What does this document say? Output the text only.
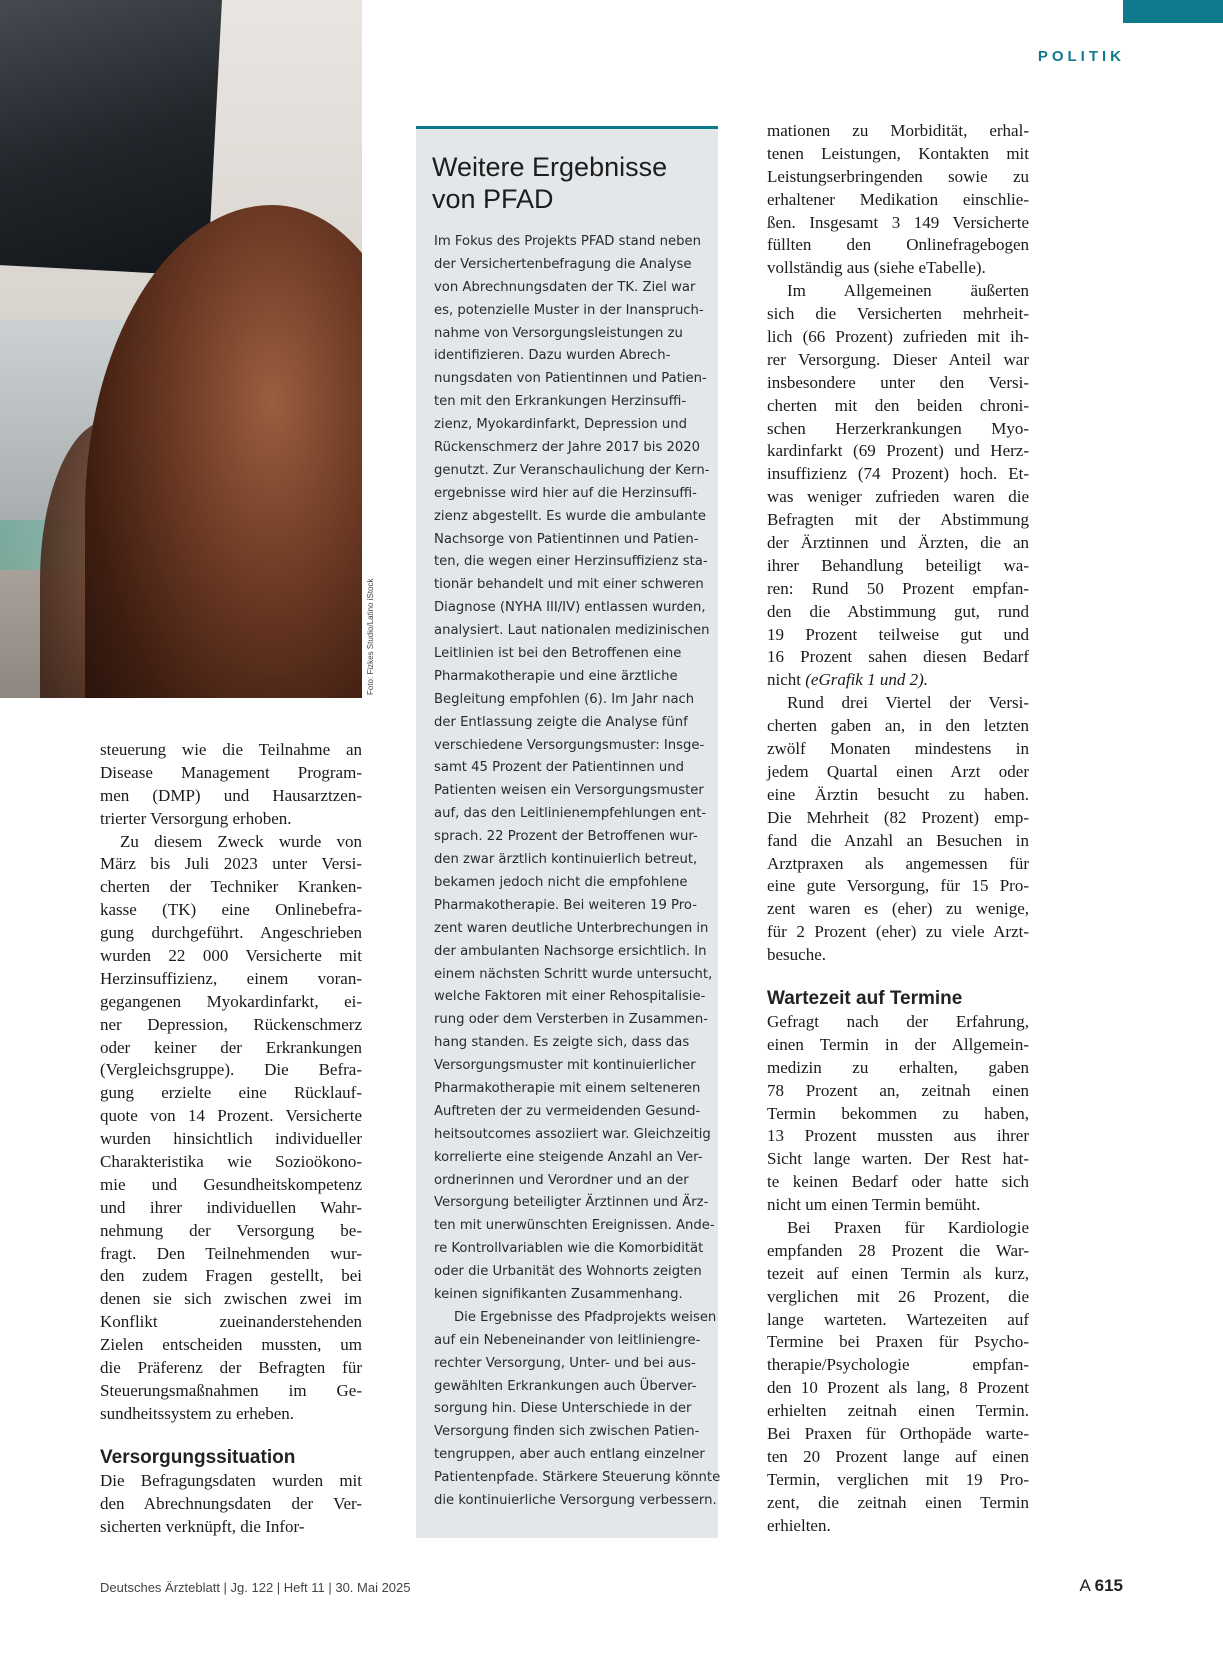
POLITIK
Foto: Fizkes Studio/Latino iStock
steuerung wie die Teilnahme an
Disease Management Program-
men (DMP) und Hausarztzen-
trierter Versorgung erhoben.
Zu diesem Zweck wurde von
März bis Juli 2023 unter Versi-
cherten der Techniker Kranken-
kasse (TK) eine Onlinebefra-
gung durchgeführt. Angeschrieben
wurden 22 000 Versicherte mit
Herzinsuffizienz, einem voran-
gegangenen Myokardinfarkt, ei-
ner Depression, Rückenschmerz
oder keiner der Erkrankungen
(Vergleichsgruppe). Die Befra-
gung erzielte eine Rücklauf-
quote von 14 Prozent. Versicherte
wurden hinsichtlich individueller
Charakteristika wie Sozioökono-
mie und Gesundheitskompetenz
und ihrer individuellen Wahr-
nehmung der Versorgung be-
fragt. Den Teilnehmenden wur-
den zudem Fragen gestellt, bei
denen sie sich zwischen zwei im
Konflikt zueinanderstehenden
Zielen entscheiden mussten, um
die Präferenz der Befragten für
Steuerungsmaßnahmen im Ge-
sundheitssystem zu erheben.
Versorgungssituation
Die Befragungsdaten wurden mit
den Abrechnungsdaten der Ver-
sicherten verknüpft, die Infor-
Weitere Ergebnisse
von PFAD
Im Fokus des Projekts PFAD stand neben
der Versichertenbefragung die Analyse
von Abrechnungsdaten der TK. Ziel war
es, potenzielle Muster in der Inanspruch-
nahme von Versorgungsleistungen zu
identifizieren. Dazu wurden Abrech-
nungsdaten von Patientinnen und Patien-
ten mit den Erkrankungen Herzinsuffi-
zienz, Myokardinfarkt, Depression und
Rückenschmerz der Jahre 2017 bis 2020
genutzt. Zur Veranschaulichung der Kern-
ergebnisse wird hier auf die Herzinsuffi-
zienz abgestellt. Es wurde die ambulante
Nachsorge von Patientinnen und Patien-
ten, die wegen einer Herzinsuffizienz sta-
tionär behandelt und mit einer schweren
Diagnose (NYHA III/IV) entlassen wurden,
analysiert. Laut nationalen medizinischen
Leitlinien ist bei den Betroffenen eine
Pharmakotherapie und eine ärztliche
Begleitung empfohlen (6). Im Jahr nach
der Entlassung zeigte die Analyse fünf
verschiedene Versorgungsmuster: Insge-
samt 45 Prozent der Patientinnen und
Patienten weisen ein Versorgungsmuster
auf, das den Leitlinienempfehlungen ent-
sprach. 22 Prozent der Betroffenen wur-
den zwar ärztlich kontinuierlich betreut,
bekamen jedoch nicht die empfohlene
Pharmakotherapie. Bei weiteren 19 Pro-
zent waren deutliche Unterbrechungen in
der ambulanten Nachsorge ersichtlich. In
einem nächsten Schritt wurde untersucht,
welche Faktoren mit einer Rehospitalisie-
rung oder dem Versterben in Zusammen-
hang standen. Es zeigte sich, dass das
Versorgungsmuster mit kontinuierlicher
Pharmakotherapie mit einem selteneren
Auftreten der zu vermeidenden Gesund-
heitsoutcomes assoziiert war. Gleichzeitig
korrelierte eine steigende Anzahl an Ver-
ordnerinnen und Verordner und an der
Versorgung beteiligter Ärztinnen und Ärz-
ten mit unerwünschten Ereignissen. Ande-
re Kontrollvariablen wie die Komorbidität
oder die Urbanität des Wohnorts zeigten
keinen signifikanten Zusammenhang.
Die Ergebnisse des Pfadprojekts weisen
auf ein Nebeneinander von leitliniengre-
rechter Versorgung, Unter- und bei aus-
gewählten Erkrankungen auch Überver-
sorgung hin. Diese Unterschiede in der
Versorgung finden sich zwischen Patien-
tengruppen, aber auch entlang einzelner
Patientenpfade. Stärkere Steuerung könnte
die kontinuierliche Versorgung verbessern.
mationen zu Morbidität, erhal-
tenen Leistungen, Kontakten mit
Leistungserbringenden sowie zu
erhaltener Medikation einschlie-
ßen. Insgesamt 3 149 Versicherte
füllten den Onlinefragebogen
vollständig aus (siehe eTabelle).
Im Allgemeinen äußerten
sich die Versicherten mehrheit-
lich (66 Prozent) zufrieden mit ih-
rer Versorgung. Dieser Anteil war
insbesondere unter den Versi-
cherten mit den beiden chroni-
schen Herzerkrankungen Myo-
kardinfarkt (69 Prozent) und Herz-
insuffizienz (74 Prozent) hoch. Et-
was weniger zufrieden waren die
Befragten mit der Abstimmung
der Ärztinnen und Ärzten, die an
ihrer Behandlung beteiligt wa-
ren: Rund 50 Prozent empfan-
den die Abstimmung gut, rund
19 Prozent teilweise gut und
16 Prozent sahen diesen Bedarf
nicht (eGrafik 1 und 2).
Rund drei Viertel der Versi-
cherten gaben an, in den letzten
zwölf Monaten mindestens in
jedem Quartal einen Arzt oder
eine Ärztin besucht zu haben.
Die Mehrheit (82 Prozent) emp-
fand die Anzahl an Besuchen in
Arztpraxen als angemessen für
eine gute Versorgung, für 15 Pro-
zent waren es (eher) zu wenige,
für 2 Prozent (eher) zu viele Arzt-
besuche.
Wartezeit auf Termine
Gefragt nach der Erfahrung,
einen Termin in der Allgemein-
medizin zu erhalten, gaben
78 Prozent an, zeitnah einen
Termin bekommen zu haben,
13 Prozent mussten aus ihrer
Sicht lange warten. Der Rest hat-
te keinen Bedarf oder hatte sich
nicht um einen Termin bemüht.
Bei Praxen für Kardiologie
empfanden 28 Prozent die War-
tezeit auf einen Termin als kurz,
verglichen mit 26 Prozent, die
lange warteten. Wartezeiten auf
Termine bei Praxen für Psycho-
therapie/Psychologie empfan-
den 10 Prozent als lang, 8 Prozent
erhielten zeitnah einen Termin.
Bei Praxen für Orthopäde warte-
ten 20 Prozent lange auf einen
Termin, verglichen mit 19 Pro-
zent, die zeitnah einen Termin
erhielten.
Deutsches Ärzteblatt | Jg. 122 | Heft 11 | 30. Mai 2025	A 615
